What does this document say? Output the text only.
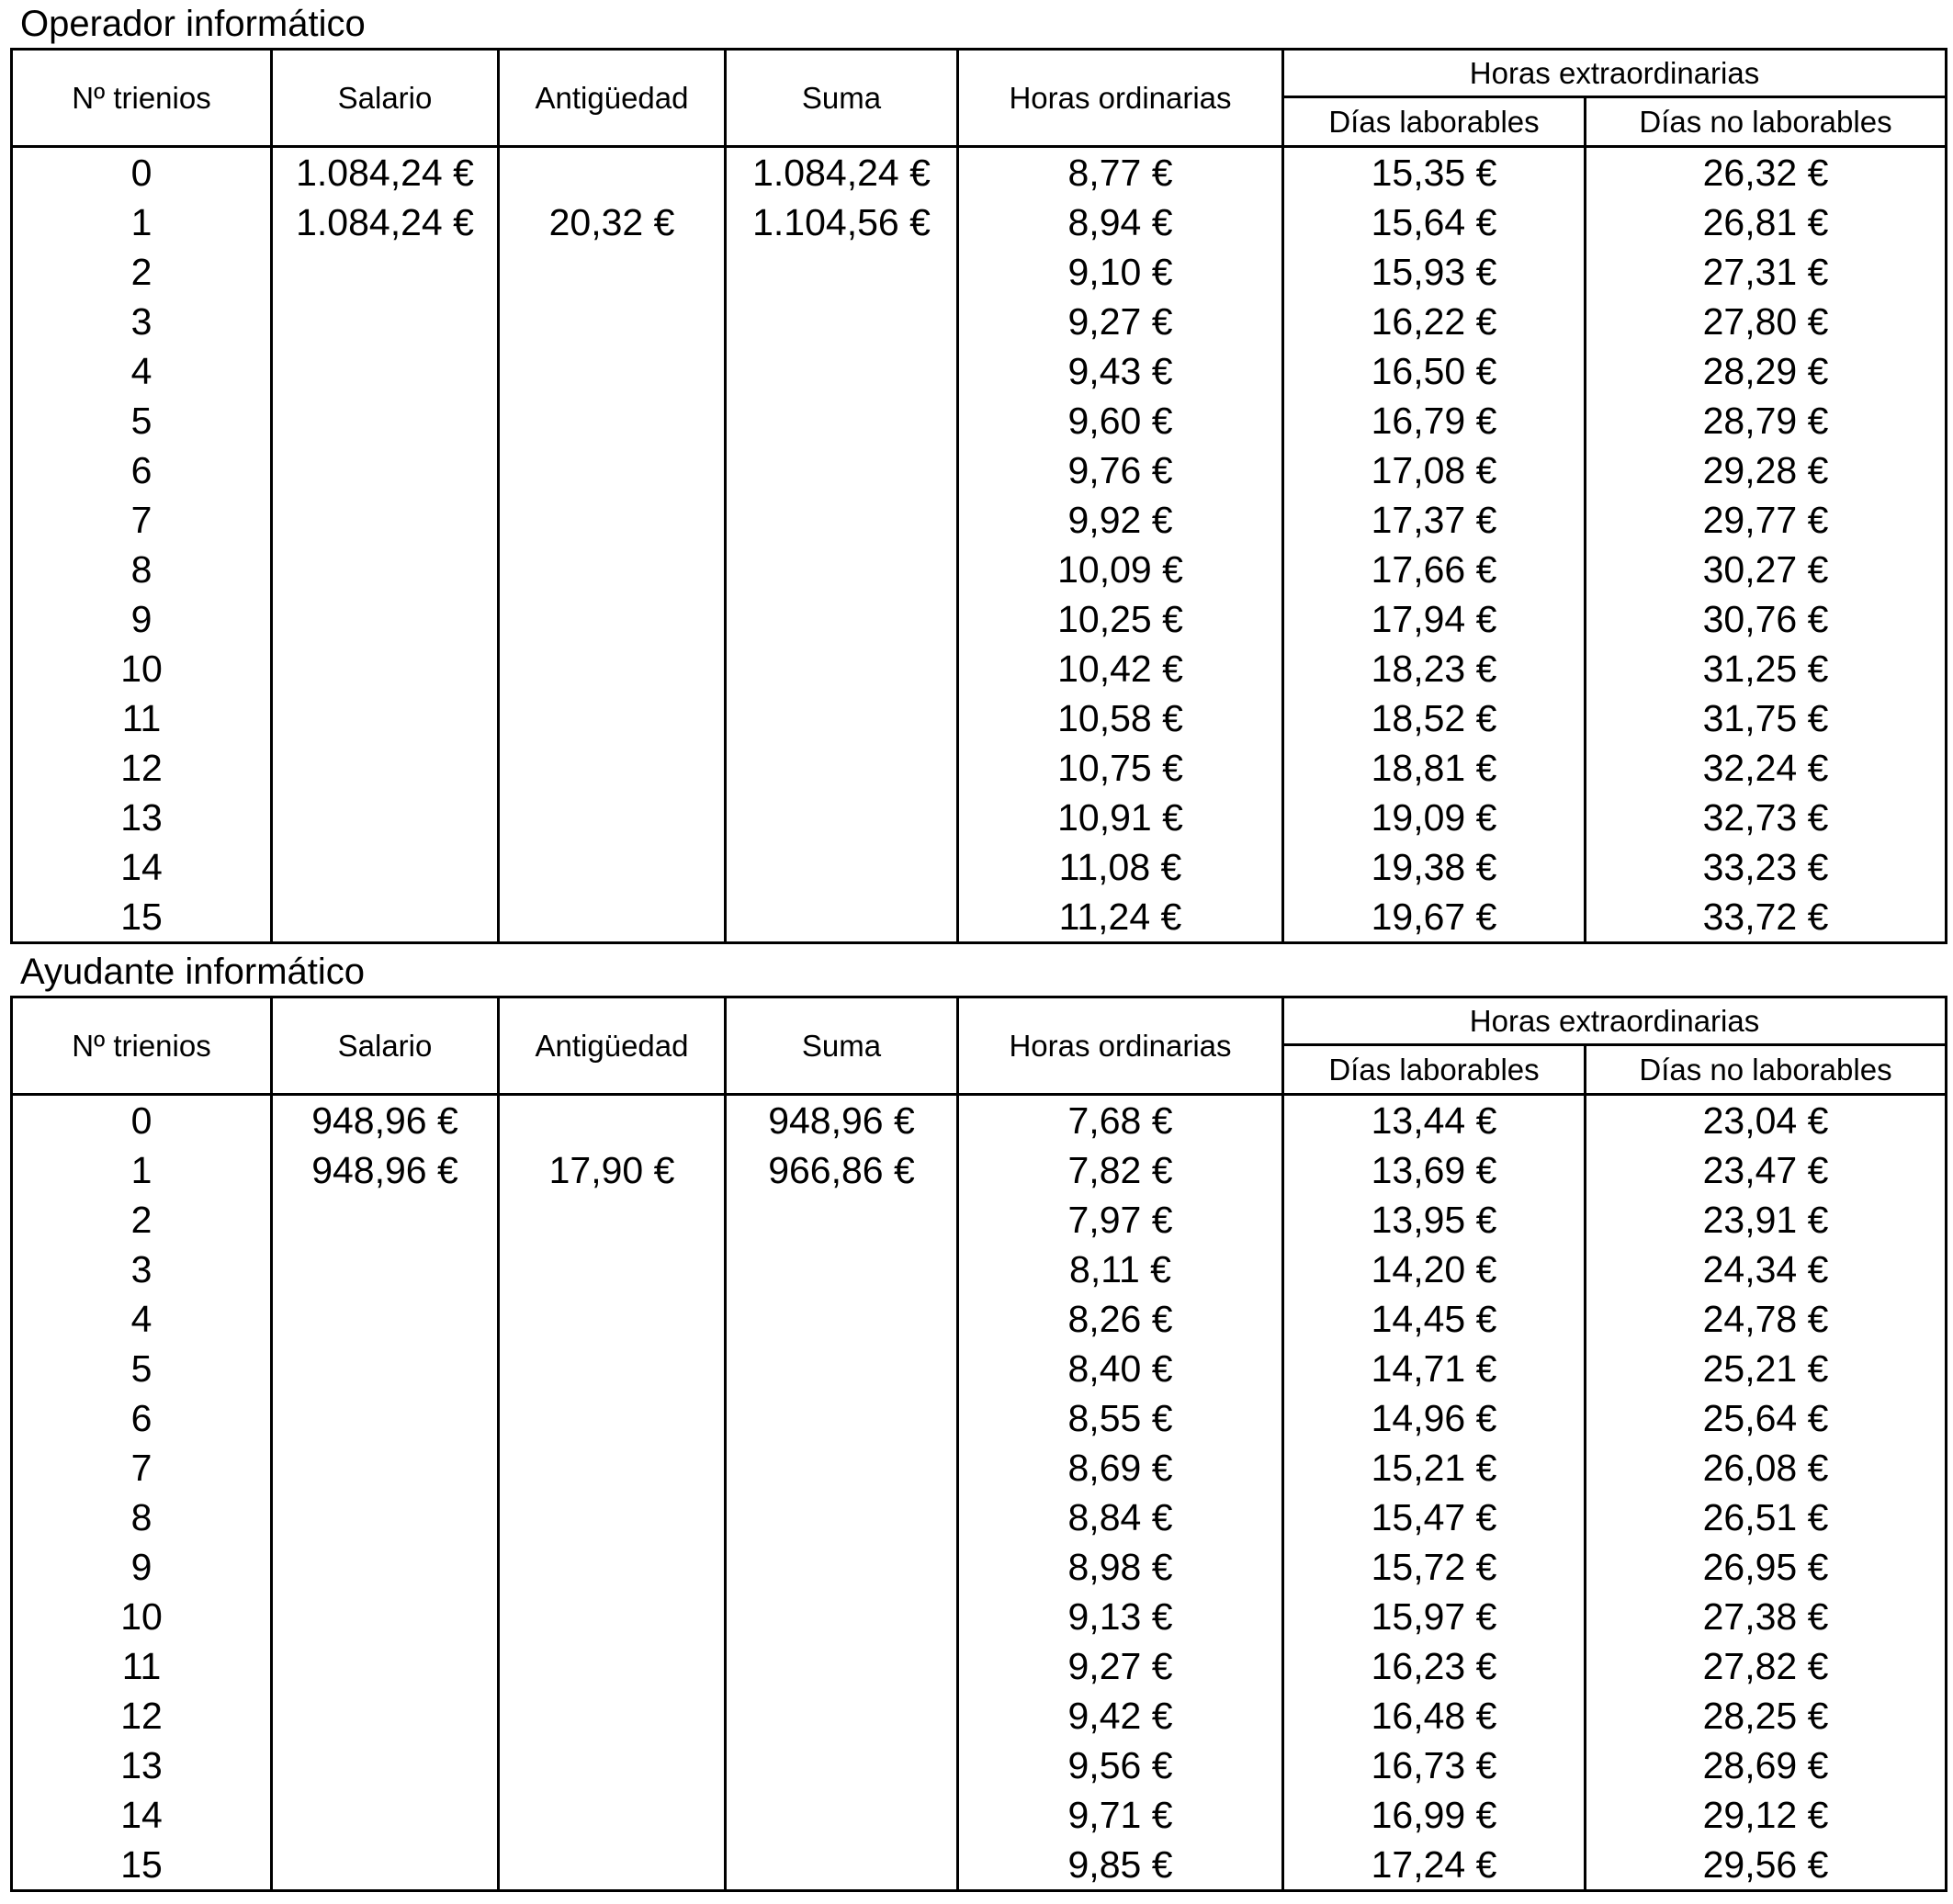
Operador informático
Nº trienios	Salario	Antigüedad	Suma	Horas ordinarias	Horas extraordinarias	
					Días laborables	Días no laborables
0	1.084,24 €		1.084,24 €	8,77 €	15,35 €	26,32 €
1	1.084,24 €	20,32 €	1.104,56 €	8,94 €	15,64 €	26,81 €
2				9,10 €	15,93 €	27,31 €
3				9,27 €	16,22 €	27,80 €
4				9,43 €	16,50 €	28,29 €
5				9,60 €	16,79 €	28,79 €
6				9,76 €	17,08 €	29,28 €
7				9,92 €	17,37 €	29,77 €
8				10,09 €	17,66 €	30,27 €
9				10,25 €	17,94 €	30,76 €
10				10,42 €	18,23 €	31,25 €
11				10,58 €	18,52 €	31,75 €
12				10,75 €	18,81 €	32,24 €
13				10,91 €	19,09 €	32,73 €
14				11,08 €	19,38 €	33,23 €
15				11,24 €	19,67 €	33,72 €
Ayudante informático
Nº trienios	Salario	Antigüedad	Suma	Horas ordinarias	Horas extraordinarias	
					Días laborables	Días no laborables
0	948,96 €		948,96 €	7,68 €	13,44 €	23,04 €
1	948,96 €	17,90 €	966,86 €	7,82 €	13,69 €	23,47 €
2				7,97 €	13,95 €	23,91 €
3				8,11 €	14,20 €	24,34 €
4				8,26 €	14,45 €	24,78 €
5				8,40 €	14,71 €	25,21 €
6				8,55 €	14,96 €	25,64 €
7				8,69 €	15,21 €	26,08 €
8				8,84 €	15,47 €	26,51 €
9				8,98 €	15,72 €	26,95 €
10				9,13 €	15,97 €	27,38 €
11				9,27 €	16,23 €	27,82 €
12				9,42 €	16,48 €	28,25 €
13				9,56 €	16,73 €	28,69 €
14				9,71 €	16,99 €	29,12 €
15				9,85 €	17,24 €	29,56 €
